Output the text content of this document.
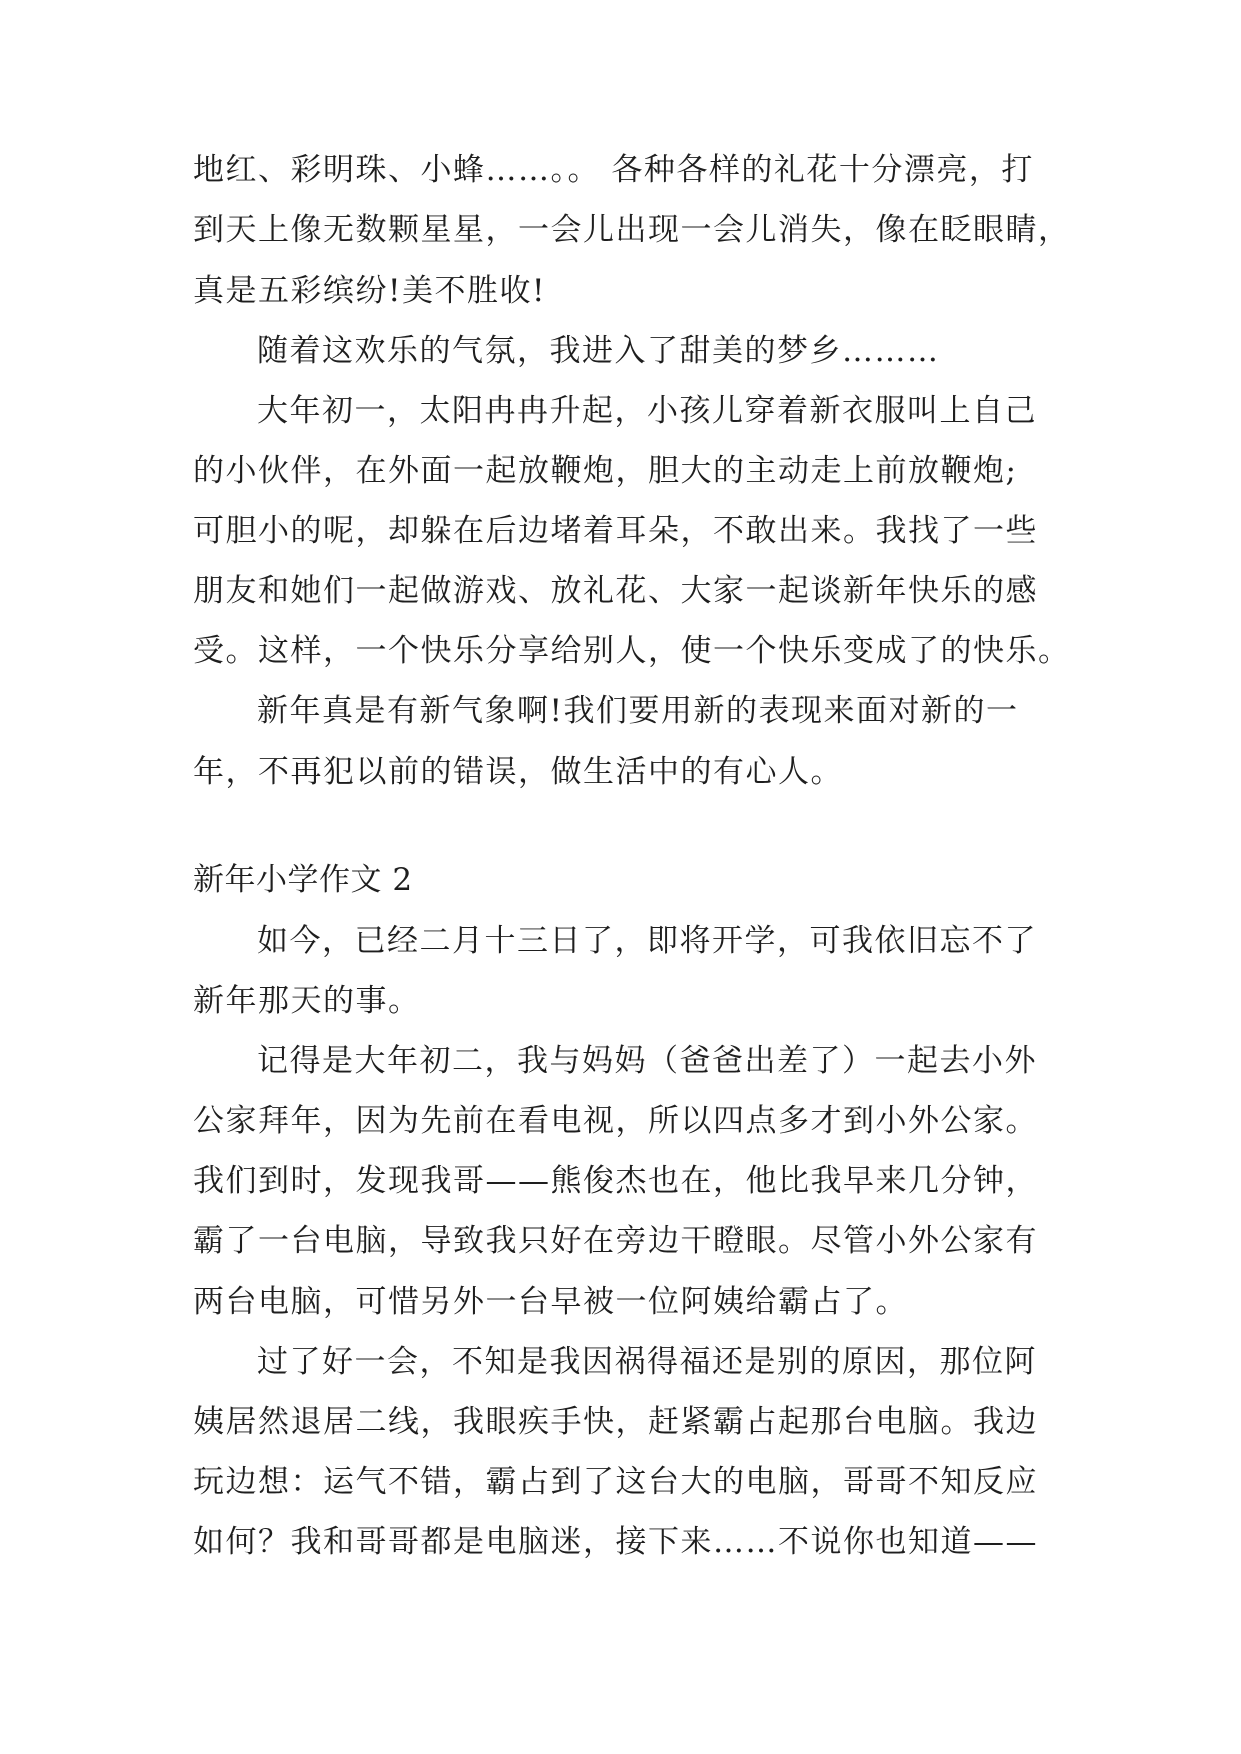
地红、彩明珠、小蜂……。。 各种各样的礼花十分漂亮，打
到天上像无数颗星星，一会儿出现一会儿消失，像在眨眼睛，
真是五彩缤纷!美不胜收!
随着这欢乐的气氛，我进入了甜美的梦乡………
大年初一，太阳冉冉升起，小孩儿穿着新衣服叫上自己
的小伙伴，在外面一起放鞭炮，胆大的主动走上前放鞭炮;
可胆小的呢，却躲在后边堵着耳朵，不敢出来。我找了一些
朋友和她们一起做游戏、放礼花、大家一起谈新年快乐的感
受。这样，一个快乐分享给别人，使一个快乐变成了的快乐。
新年真是有新气象啊!我们要用新的表现来面对新的一
年，不再犯以前的错误，做生活中的有心人。
新年小学作文 2
如今，已经二月十三日了，即将开学，可我依旧忘不了
新年那天的事。
记得是大年初二，我与妈妈（爸爸出差了）一起去小外
公家拜年，因为先前在看电视，所以四点多才到小外公家。
我们到时，发现我哥——熊俊杰也在，他比我早来几分钟，
霸了一台电脑，导致我只好在旁边干瞪眼。尽管小外公家有
两台电脑，可惜另外一台早被一位阿姨给霸占了。
过了好一会，不知是我因祸得福还是别的原因，那位阿
姨居然退居二线，我眼疾手快，赶紧霸占起那台电脑。我边
玩边想：运气不错，霸占到了这台大的电脑，哥哥不知反应
如何？我和哥哥都是电脑迷，接下来……不说你也知道——
